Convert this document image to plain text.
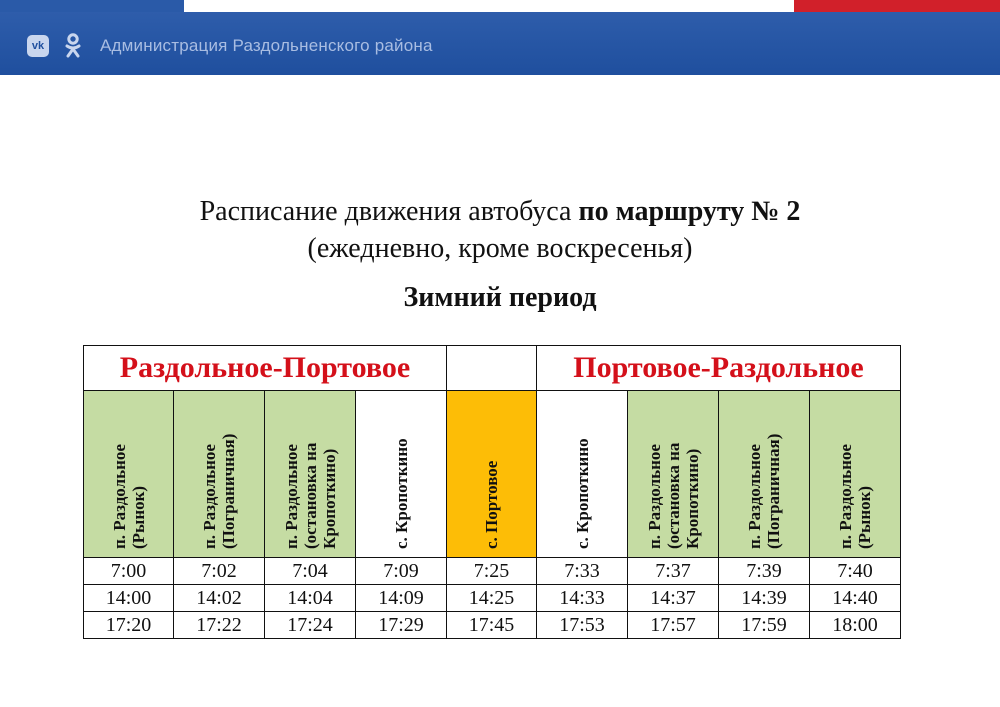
vk	Администрация Раздольненского района
Расписание движения автобуса по маршруту № 2
(ежедневно, кроме воскресенья)
Зимний период
Раздольное-Портовое					Портовое-Раздольное			

п. Раздольное (Рынок)	п. Раздольное (Пограничная)	п. Раздольное (остановка на Кропоткино)	с. Кропоткино	с. Портовое	с. Кропоткино	п. Раздольное (остановка на Кропоткино)	п. Раздольное (Пограничная)	п. Раздольное (Рынок)

7:00	7:02	7:04	7:09	7:25	7:33	7:37	7:39	7:40
14:00	14:02	14:04	14:09	14:25	14:33	14:37	14:39	14:40
17:20	17:22	17:24	17:29	17:45	17:53	17:57	17:59	18:00
